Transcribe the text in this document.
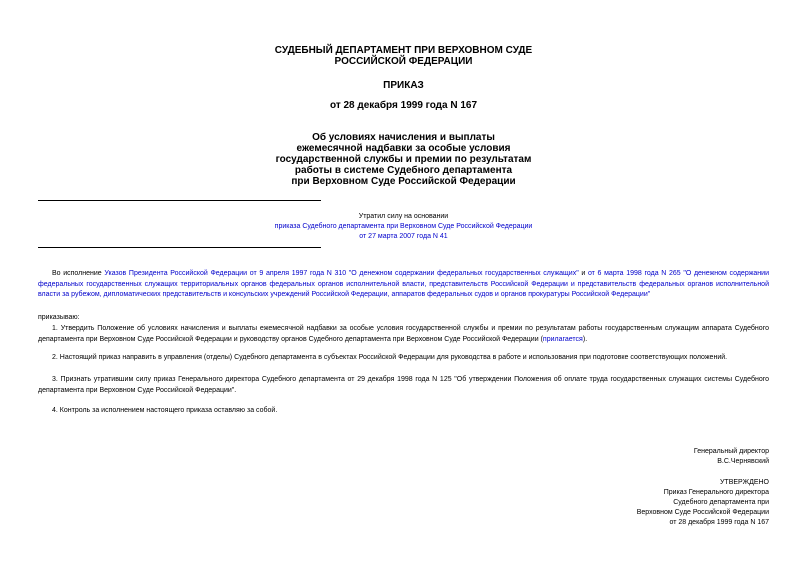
СУДЕБНЫЙ ДЕПАРТАМЕНТ ПРИ ВЕРХОВНОМ СУДЕ
РОССИЙСКОЙ ФЕДЕРАЦИИ
ПРИКАЗ
от 28 декабря 1999 года N 167
Об условиях начисления и выплаты
ежемесячной надбавки за особые условия
государственной службы и премии по результатам
работы в системе Судебного департамента
при Верховном Суде Российской Федерации
Утратил силу на основании
приказа Судебного департамента при Верховном Суде Российской Федерации
от 27 марта 2007 года N 41
Во исполнение Указов Президента Российской Федерации от 9 апреля 1997 года N 310 "О денежном содержании федеральных государственных служащих" и от 6 марта 1998 года N 265 "О денежном содержании федеральных государственных служащих территориальных органов федеральных органов исполнительной власти, представительств Российской Федерации и представительств федеральных органов исполнительной власти за рубежом, дипломатических представительств и консульских учреждений Российской Федерации, аппаратов федеральных судов и органов прокуратуры Российской Федерации"
приказываю:
1. Утвердить Положение об условиях начисления и выплаты ежемесячной надбавки за особые условия государственной службы и премии по результатам работы государственным служащим аппарата Судебного департамента при Верховном Суде Российской Федерации и руководству органов Судебного департамента при Верховном Суде Российской Федерации (прилагается).
2. Настоящий приказ направить в управления (отделы) Судебного департамента в субъектах Российской Федерации для руководства в работе и использования при подготовке соответствующих положений.
3. Признать утратившим силу приказ Генерального директора Судебного департамента от 29 декабря 1998 года N 125 "Об утверждении Положения об оплате труда государственных служащих системы Судебного департамента при Верховном Суде Российской Федерации".
4. Контроль за исполнением настоящего приказа оставляю за собой.
Генеральный директор
В.С.Чернявский
УТВЕРЖДЕНО
Приказ Генерального директора
Судебного департамента при
Верховном Суде Российской Федерации
от 28 декабря 1999 года N 167
